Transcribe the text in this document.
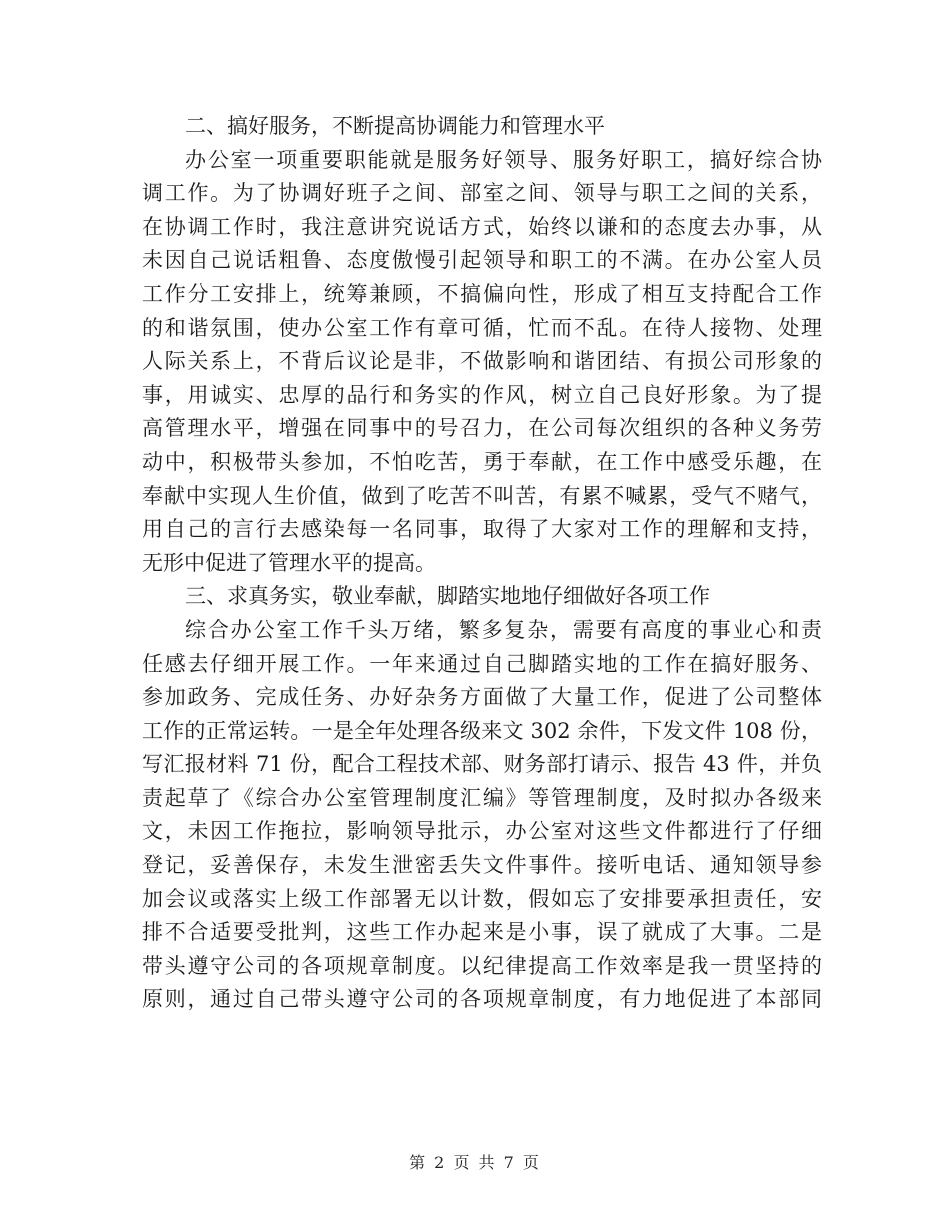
二、搞好服务，不断提高协调能力和管理水平
办公室一项重要职能就是服务好领导、服务好职工，搞好综合协
调工作。为了协调好班子之间、部室之间、领导与职工之间的关系，
在协调工作时，我注意讲究说话方式，始终以谦和的态度去办事，从
未因自己说话粗鲁、态度傲慢引起领导和职工的不满。在办公室人员
工作分工安排上，统筹兼顾，不搞偏向性，形成了相互支持配合工作
的和谐氛围，使办公室工作有章可循，忙而不乱。在待人接物、处理
人际关系上，不背后议论是非，不做影响和谐团结、有损公司形象的
事，用诚实、忠厚的品行和务实的作风，树立自己良好形象。为了提
高管理水平，增强在同事中的号召力，在公司每次组织的各种义务劳
动中，积极带头参加，不怕吃苦，勇于奉献，在工作中感受乐趣，在
奉献中实现人生价值，做到了吃苦不叫苦，有累不喊累，受气不赌气，
用自己的言行去感染每一名同事，取得了大家对工作的理解和支持，
无形中促进了管理水平的提高。
三、求真务实，敬业奉献，脚踏实地地仔细做好各项工作
综合办公室工作千头万绪，繁多复杂，需要有高度的事业心和责
任感去仔细开展工作。一年来通过自己脚踏实地的工作在搞好服务、
参加政务、完成任务、办好杂务方面做了大量工作，促进了公司整体
工作的正常运转。一是全年处理各级来文 302 余件，下发文件 108 份，
写汇报材料 71 份，配合工程技术部、财务部打请示、报告 43 件，并负
责起草了《综合办公室管理制度汇编》等管理制度，及时拟办各级来
文，未因工作拖拉，影响领导批示，办公室对这些文件都进行了仔细
登记，妥善保存，未发生泄密丢失文件事件。接听电话、通知领导参
加会议或落实上级工作部署无以计数，假如忘了安排要承担责任，安
排不合适要受批判，这些工作办起来是小事，误了就成了大事。二是
带头遵守公司的各项规章制度。以纪律提高工作效率是我一贯坚持的
原则，通过自己带头遵守公司的各项规章制度，有力地促进了本部同
第 2 页 共 7 页
